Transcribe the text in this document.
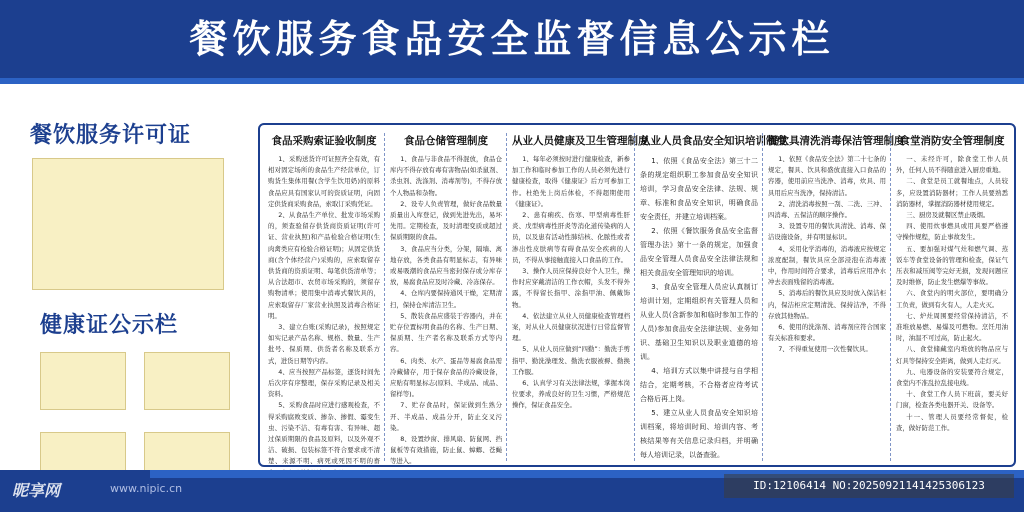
餐饮服务食品安全监督信息公示栏
餐饮服务许可证
健康证公示栏
食品采购索证验收制度

1、采购送货许可证照齐全有效，有相对固定场所的食品生产经营单位，订购货生集体用餐(含学生饮用奶)的原料食品应具有国家认可的资质证明，向固定供货商采购食品，索取订采购凭证。

2、从食品生产单位、批发市场采购的，须查验留存供货商资质证明(许可证、营业执照)和产品检验合格证明(生肉禽类应有检验合格证明)；从固定供货商(含个体经营户)采购的，应索取留存供货商的资质证明、每笔供货清单等；从合法超市、农贸市场采购的，须留存购物清单；使用集中消毒式餐饮具的，应索取留存厂家营业执照及消毒合格证明。

3、建立台账(采购记录)，按照规定如实记录产品名称、规格、数量、生产批号、保质期、供货者名称及联系方式，进货日期等内容。

4、应当按照产品标签，逐货时间先后次序有序整理，保存采购记录及相关资料。

5、采购食品时应进行感观检查，不得采购腐败变质、掺杂、掺假、霉变生虫、污染不洁、有毒有害、有异味、超过保质期限的食品及原料，以及外观不洁、破损、包装标签不符合要求或不清楚、来源不明、病死或死因不明的畜

食品仓储管理制度

1、食品与非食品不得混放，食品仓库内不得存放有毒有害物品(如杀鼠剂、杀虫剂、洗涤剂、消毒剂等)，不得存放个人物品和杂物。

2、设专人负责管理，做好食品数量质量出入库登记，做到先进先出，易坏先用。定期检查，及时清理变质或超过保质期限的食品。

3、食品应当分类，分架，隔墙、离地存放，各类食品有明显标志，有异味或易吸潮的食品应当密封保存或分库存放，易腐食品应及时冷藏、冷冻保存。

4、仓库内要保持通风干燥，定期清扫，保持仓库清洁卫生。

5、散装食品应盛装于容器内，并在贮存位置标明食品的名称、生产日期、保质期、生产者名称及联系方式等内容。

6、肉类、水产、蛋品等易腐食品需冷藏储存，用于保存食品的冷藏设备，应贴有明显标志(原料、半成品、成品、留样等)。

7、贮存食品时，保证做到生熟分开、半成品、成品分开，防止交叉污染。

8、设置纱窗、排风扇、防鼠网、挡鼠板等有效措施，防止鼠、蟑螂、苍蝇等进入。

从业人员健康及卫生管理制度

1、每年必须按时进行健康检查，新参加工作和临时参加工作的人员必须先进行健康检查，取得《健康证》后方可参加工作。杜绝先上岗后体检，不得超期使用《健康证》。

2、患有痢疾、伤寒、甲型病毒性肝炎、戊型病毒性肝炎等消化道传染病的人员，以及患有活动性肺结核、化脓性或者渗出性皮肤病等有碍食品安全疾病的人员，不得从事接触直接入口食品的工作。

3、操作人员应保持良好个人卫生，操作时应穿戴清洁的工作衣帽，头发不得外露，不得留长指甲、涂指甲油、佩戴饰物。

4、依法建立从业人员健康检查管理档案，对从业人员健康状况进行日常监督管理。

5、从业人员应做到“四勤”：勤洗手剪指甲、勤洗澡理发、勤洗衣服被褥、勤换工作服。

6、认真学习有关法律法规，掌握本岗位要求，养成良好的卫生习惯，严格规范操作，保证食品安全。

从业人员食品安全知识培训制度

1、依照《食品安全法》第三十二条的规定组织职工参加食品安全知识培训，学习食品安全法律、法规、规章、标准和食品安全知识，明确食品安全责任，并建立培训档案。

2、依照《餐饮服务食品安全监督管理办法》第十一条的规定，加强食品安全管理人员食品安全法律法规和相关食品安全管理知识的培训。

3、食品安全管理人员应认真制订培训计划，定期组织有关管理人员和从业人员(含新参加和临时参加工作的人员)参加食品安全法律法规、业务知识、基础卫生知识以及职业道德的培训。

4、培训方式以集中讲授与自学相结合，定期考核，不合格者应待考试合格后再上岗。

5、建立从业人员食品安全知识培训档案，将培训时间、培训内容、考核结果等有关信息记录归档，并明确每人培训记录，以备查验。

餐饮具清洗消毒保洁管理制度

1、依照《食品安全法》第二十七条的规定，餐具、饮具和盛放直接入口食品的容器，使用前应当洗净、消毒，炊具、用具用后应当洗净，保持清洁。

2、清洗消毒按照一刮、二洗、三冲、四消毒、五保洁的顺序操作。

3、设置专用的餐饮具清洗、消毒、保洁设施设备，并有明显标识。

4、采用化学消毒的，消毒液应按规定浓度配制，餐饮具应全部浸泡在消毒液中，作用时间符合要求，消毒后应用净水冲去表面残留的消毒液。

5、消毒后的餐饮具应及时放入保洁柜内，保洁柜应定期清洗、保持洁净，不得存放其他物品。

6、使用的洗涤剂、消毒剂应符合国家有关标准和要求。

7、不得重复使用一次性餐饮具。

食堂消防安全管理制度

一、未经许可，除食堂工作人员外，任何人员不得随意进入厨房重地。

二、食堂是员工就餐地点，人员较多，应设置消防器材；工作人员要熟悉消防器材，掌握消防器材使用规定。

三、厨房及就餐区禁止吸烟。

四、使用炊事燃具或用具要严格遵守操作规程，防止事故发生。

五、要加强对煤气灶和燃气调、蒸饭车等食堂设备的管理和检查，保证气压表和减压阀等完好无损，发现问题应及时维修，防止发生燃爆等事故。

六、食堂内的明火部位，要明确分工负责，做到有火有人，人走火灭。

七、炉灶周围要经常保持清洁，不准堆放易燃、易爆及可燃物。烹饪用油时，油温不可过高，防止起火。

八、食堂储藏室内堆放的物品应与灯具等保持安全距离，做到人走灯灭。

九、电器设备的安装要符合规定，食堂内不准乱拉乱接电线。

十、食堂工作人员下班前，要关好门窗，检查各类电器开关、设备等。

十一、管理人员要经常督促，检查，做好防范工作。

昵享网	www.nipic.cn	ID:12106414 NO:20250921141425306123
